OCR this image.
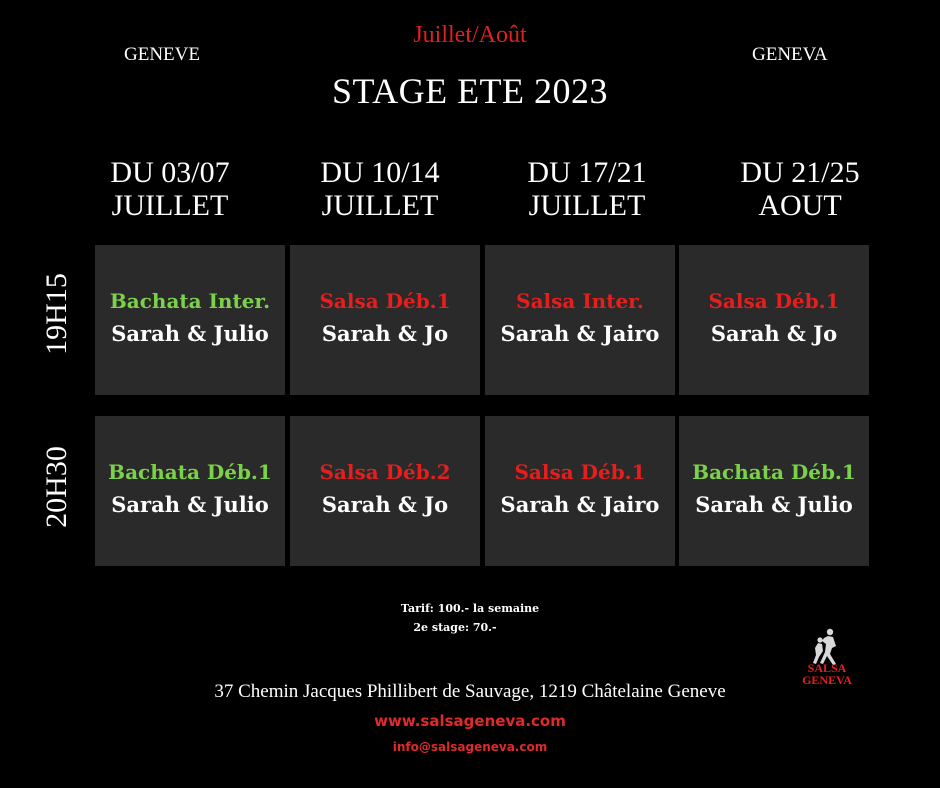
GENEVE	GENEVA
Juillet/Août
STAGE ETE 2023
DU 03/07
JUILLET
DU 10/14
JUILLET
DU 17/21
JUILLET
DU 21/25
AOUT
19H15
20H30
Bachata Inter.
Sarah & Julio
Salsa Déb.1
Sarah & Jo
Salsa Inter.
Sarah & Jairo
Salsa Déb.1
Sarah & Jo
Bachata Déb.1
Sarah & Julio
Salsa Déb.2
Sarah & Jo
Salsa Déb.1
Sarah & Jairo
Bachata Déb.1
Sarah & Julio
Tarif: 100.- la semaine
2e stage: 70.-
SALSA
GENEVA
37 Chemin Jacques Phillibert de Sauvage, 1219 Châtelaine Geneve
www.salsageneva.com
info@salsageneva.com
